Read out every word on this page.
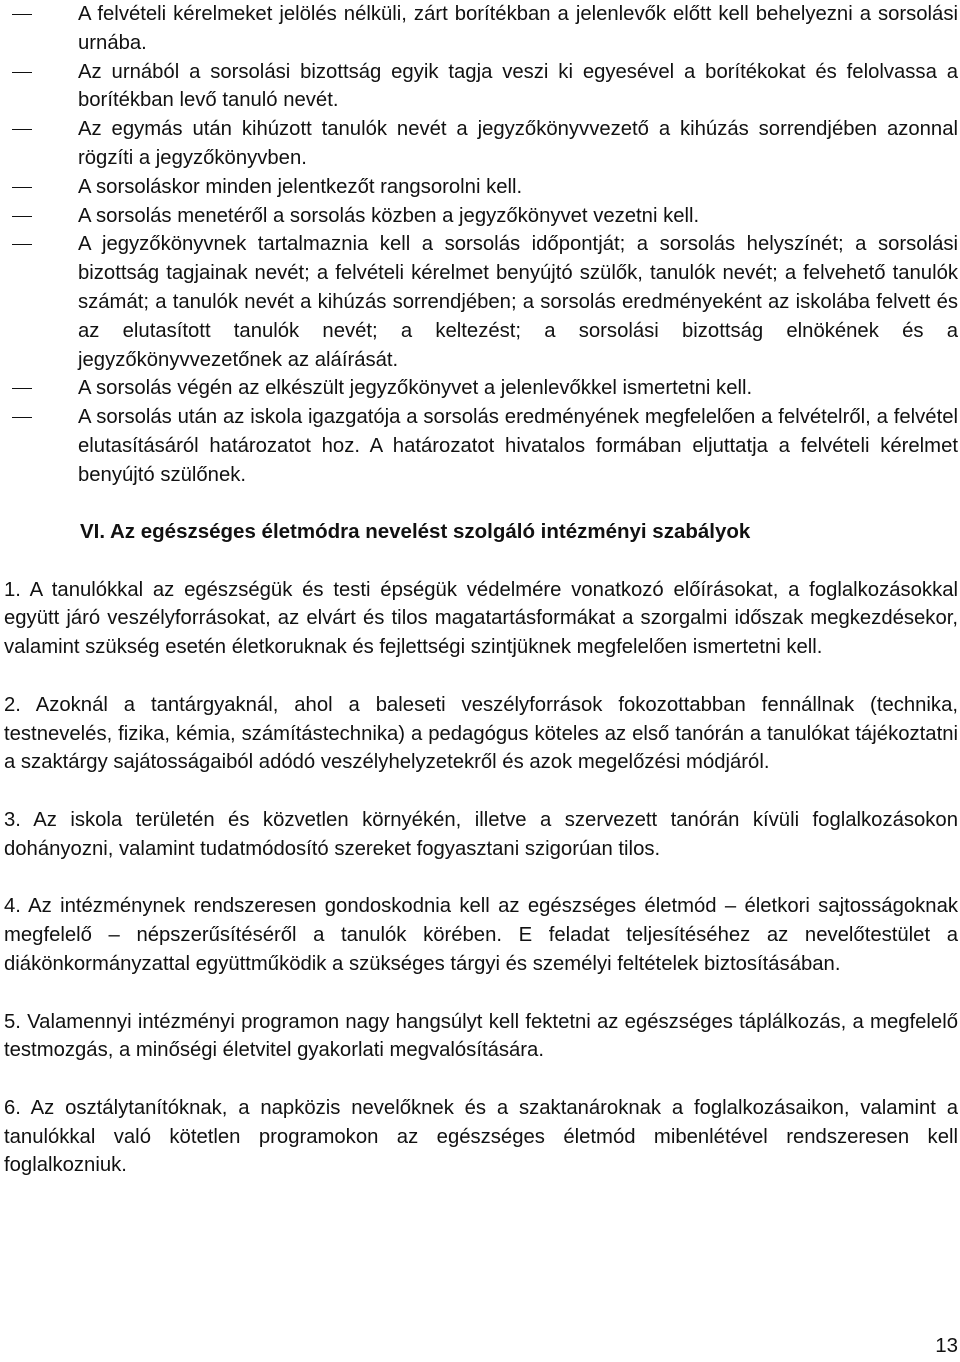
A felvételi kérelmeket jelölés nélküli, zárt borítékban a jelenlevők előtt kell behelyezni a sorsolási urnába.
Az urnából a sorsolási bizottság egyik tagja veszi ki egyesével a borítékokat és felolvassa a borítékban levő tanuló nevét.
Az egymás után kihúzott tanulók nevét a jegyzőkönyvvezető a kihúzás sorrendjében azonnal rögzíti a jegyzőkönyvben.
A sorsoláskor minden jelentkezőt rangsorolni kell.
A sorsolás menetéről a sorsolás közben a jegyzőkönyvet vezetni kell.
A jegyzőkönyvnek tartalmaznia kell a sorsolás időpontját; a sorsolás helyszínét; a sorsolási bizottság tagjainak nevét; a felvételi kérelmet benyújtó szülők, tanulók nevét; a felvehető tanulók számát; a tanulók nevét a kihúzás sorrendjében; a sorsolás eredményeként az iskolába felvett és az elutasított tanulók nevét; a keltezést; a sorsolási bizottság elnökének és a jegyzőkönyvvezetőnek az aláírását.
A sorsolás végén az elkészült jegyzőkönyvet a jelenlevőkkel ismertetni kell.
A sorsolás után az iskola igazgatója a sorsolás eredményének megfelelően a felvételről, a felvétel elutasításáról határozatot hoz. A határozatot hivatalos formában eljuttatja a felvételi kérelmet benyújtó szülőnek.
VI. Az egészséges életmódra nevelést szolgáló intézményi szabályok

1. A tanulókkal az egészségük és testi épségük védelmére vonatkozó előírásokat, a foglalkozásokkal együtt járó veszélyforrásokat, az elvárt és tilos magatartásformákat a szorgalmi időszak megkezdésekor, valamint szükség esetén életkoruknak és fejlettségi szintjüknek megfelelően ismertetni kell.

2. Azoknál a tantárgyaknál, ahol a baleseti veszélyforrások fokozottabban fennállnak (technika, testnevelés, fizika, kémia, számítástechnika) a pedagógus köteles az első tanórán a tanulókat tájékoztatni a szaktárgy sajátosságaiból adódó veszélyhelyzetekről és azok megelőzési módjáról.

3. Az iskola területén és közvetlen környékén, illetve a szervezett tanórán kívüli foglalkozásokon dohányozni, valamint tudatmódosító szereket fogyasztani szigorúan tilos.

4. Az intézménynek rendszeresen gondoskodnia kell az egészséges életmód – életkori sajtosságoknak megfelelő – népszerűsítéséről a tanulók körében. E feladat teljesítéséhez az nevelőtestület a diákönkormányzattal együttműködik a szükséges tárgyi és személyi feltételek biztosításában.

5. Valamennyi intézményi programon nagy hangsúlyt kell fektetni az egészséges táplálkozás, a megfelelő testmozgás, a minőségi életvitel gyakorlati megvalósítására.

6. Az osztálytanítóknak, a napközis nevelőknek és a szaktanároknak a foglalkozásaikon, valamint a tanulókkal való kötetlen programokon az egészséges életmód mibenlétével rendszeresen kell foglalkozniuk.

13
